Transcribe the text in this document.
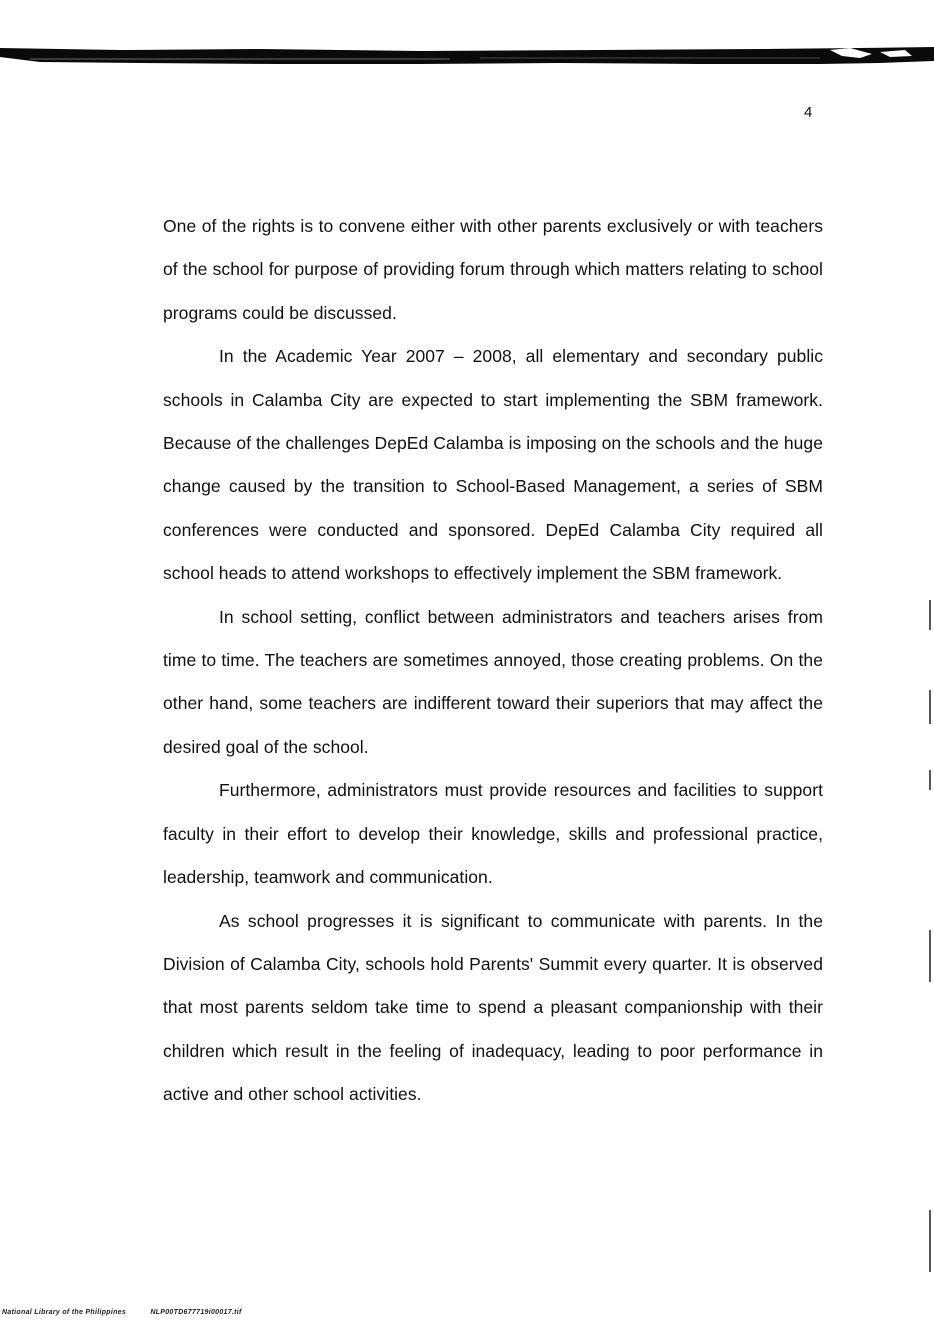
4

One of the rights is to convene either with other parents exclusively or with teachers of the school for purpose of providing forum through which matters relating to school programs could be discussed.

In the Academic Year 2007 – 2008, all elementary and secondary public schools in Calamba City are expected to start implementing the SBM framework. Because of the challenges DepEd Calamba is imposing on the schools and the huge change caused by the transition to School-Based Management, a series of SBM conferences were conducted and sponsored. DepEd Calamba City required all school heads to attend workshops to effectively implement the SBM framework.

In school setting, conflict between administrators and teachers arises from time to time. The teachers are sometimes annoyed, those creating problems. On the other hand, some teachers are indifferent toward their superiors that may affect the desired goal of the school.

Furthermore, administrators must provide resources and facilities to support faculty in their effort to develop their knowledge, skills and professional practice, leadership, teamwork and communication.

As school progresses it is significant to communicate with parents. In the Division of Calamba City, schools hold Parents' Summit every quarter. It is observed that most parents seldom take time to spend a pleasant companionship with their children which result in the feeling of inadequacy, leading to poor performance in active and other school activities.

National Library of the Philippines	NLP00TD677719i00017.tif
